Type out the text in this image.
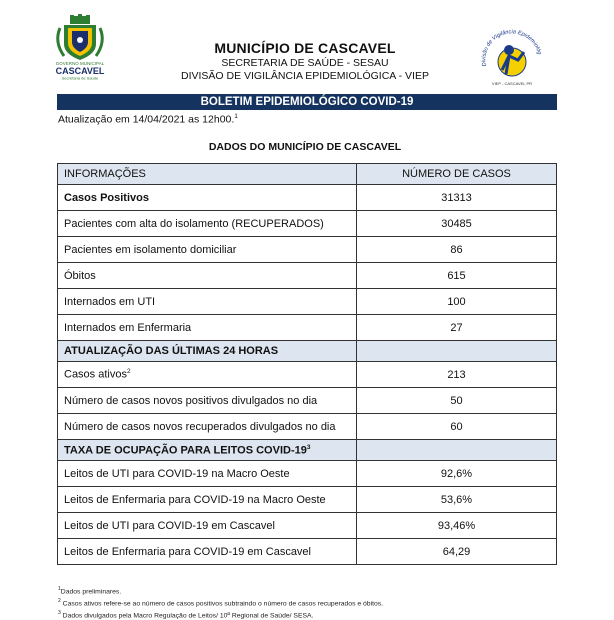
GOVERNO MUNICIPAL
CASCAVEL
Secretaria de Saúde
MUNICÍPIO DE CASCAVEL
SECRETARIA DE SAÚDE - SESAU
DIVISÃO DE VIGILÂNCIA EPIDEMIOLÓGICA - VIEP
Divisão de Vigilância Epidemiológ
VIEP - CASCAVEL PR
BOLETIM EPIDEMIOLÓGICO COVID-19
Atualização em 14/04/2021 as 12h00.$^1$
DADOS DO MUNICÍPIO DE CASCAVEL
INFORMAÇÕES	NÚMERO DE CASOS
Casos Positivos	31313
Pacientes com alta do isolamento (RECUPERADOS)	30485
Pacientes em isolamento domiciliar	86
Óbitos	615
Internados em UTI	100
Internados em Enfermaria	27
ATUALIZAÇÃO DAS ÚLTIMAS 24 HORAS	
Casos ativos$^2$	213
Número de casos novos positivos divulgados no dia	50
Número de casos novos recuperados divulgados no dia	60
TAXA DE OCUPAÇÃO PARA LEITOS COVID-$19^3$	
Leitos de UTI para COVID-19 na Macro Oeste	92,6%
Leitos de Enfermaria para COVID-19 na Macro Oeste	53,6%
Leitos de UTI para COVID-19 em Cascavel	93,46%
Leitos de Enfermaria para COVID-19 em Cascavel	64,29
$^1$Dados preliminares.
$^2$ Casos ativos refere-se ao número de casos positivos subtraindo o número de casos recuperados e óbitos.
$^3$ Dados divulgados pela Macro Regulação de Leitos/ 10ª Regional de Saúde/ SESA.
